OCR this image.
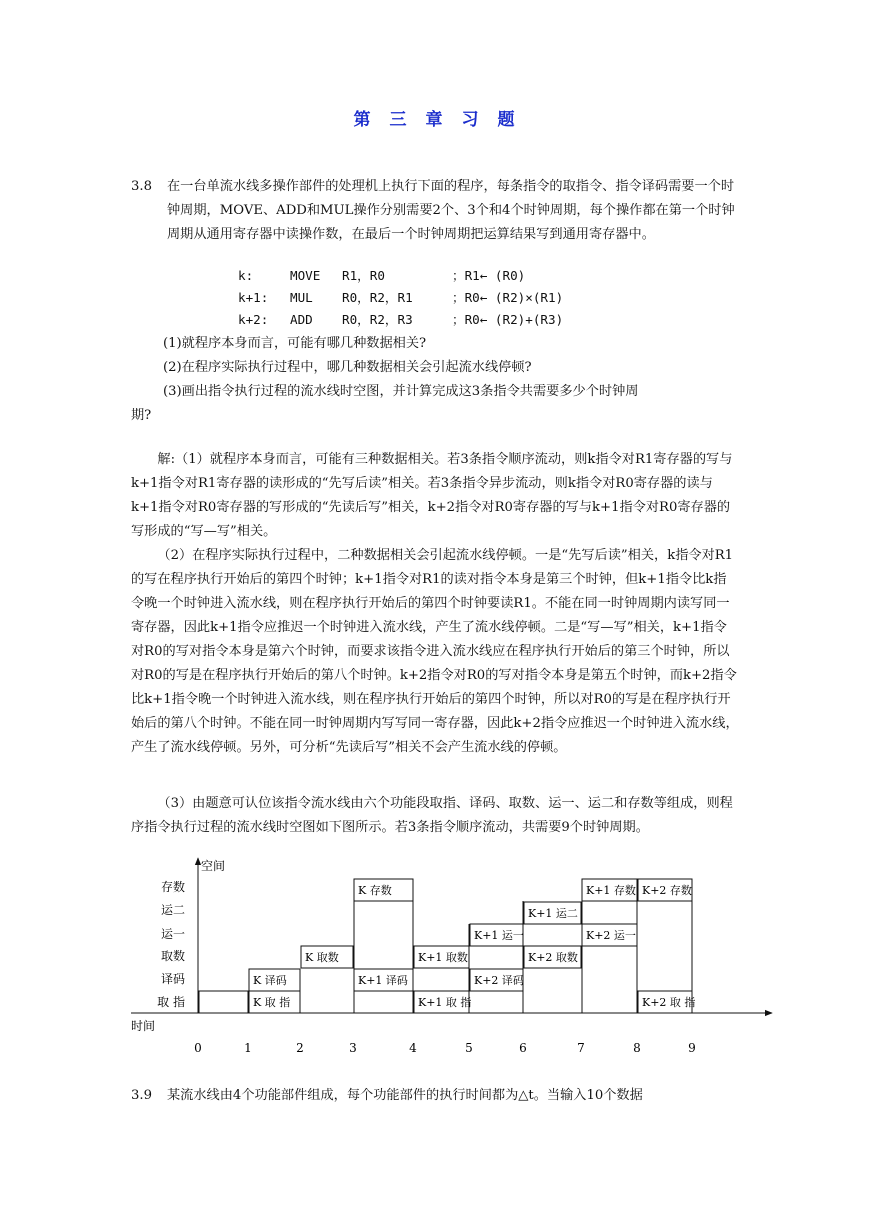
第 三 章 习 题
3.8	在一台单流水线多操作部件的处理机上执行下面的程序，每条指令的取指令、指令译码需要一个时钟周期，MOVE、ADD和MUL操作分别需要2个、3个和4个时钟周期，每个操作都在第一个时钟周期从通用寄存器中读操作数，在最后一个时钟周期把运算结果写到通用寄存器中。
k:	MOVE R1，R0	；R1← (R0)
k+1: MUL R0，R2，R1	；R0← (R2)×(R1)
k+2: ADD R0，R2，R3	；R0← (R2)+(R3)
(1)就程序本身而言，可能有哪几种数据相关?
(2)在程序实际执行过程中，哪几种数据相关会引起流水线停顿?
(3)画出指令执行过程的流水线时空图，并计算完成这3条指令共需要多少个时钟周
期?
解:（1）就程序本身而言，可能有三种数据相关。若3条指令顺序流动，则k指令对R1寄存器的写与k+1指令对R1寄存器的读形成的“先写后读”相关。若3条指令异步流动，则k指令对R0寄存器的读与k+1指令对R0寄存器的写形成的“先读后写”相关，k+2指令对R0寄存器的写与k+1指令对R0寄存器的写形成的“写—写”相关。
（2）在程序实际执行过程中，二种数据相关会引起流水线停顿。一是“先写后读”相关，k指令对R1的写在程序执行开始后的第四个时钟；k+1指令对R1的读对指令本身是第三个时钟，但k+1指令比k指令晚一个时钟进入流水线，则在程序执行开始后的第四个时钟要读R1。不能在同一时钟周期内读写同一寄存器，因此k+1指令应推迟一个时钟进入流水线，产生了流水线停顿。二是“写—写”相关，k+1指令对R0的写对指令本身是第六个时钟，而要求该指令进入流水线应在程序执行开始后的第三个时钟，所以对R0的写是在程序执行开始后的第八个时钟。k+2指令对R0的写对指令本身是第五个时钟，而k+2指令比k+1指令晚一个时钟进入流水线，则在程序执行开始后的第四个时钟，所以对R0的写是在程序执行开始后的第八个时钟。不能在同一时钟周期内写写同一寄存器，因此k+2指令应推迟一个时钟进入流水线，产生了流水线停顿。另外，可分析“先读后写”相关不会产生流水线的停顿。
（3）由题意可认位该指令流水线由六个功能段取指、译码、取数、运一、运二和存数等组成，则程序指令执行过程的流水线时空图如下图所示。若3条指令顺序流动，共需要9个时钟周期。
空间
时间
存数
运二
运一
取数
译码
取 指
0	1	2	3	4	5	6	7	8	9
K 取 指
K 译码
K 取数
K 存数
K+1 译码
K+1 取数
K+1 取 指
K+1 运一
K+2 译码
K+1 运二
K+2 取数
K+1 存数
K+2 运一
K+2 存数
K+2 取 指
3.9	某流水线由4个功能部件组成，每个功能部件的执行时间都为△t。当输入10个数据
